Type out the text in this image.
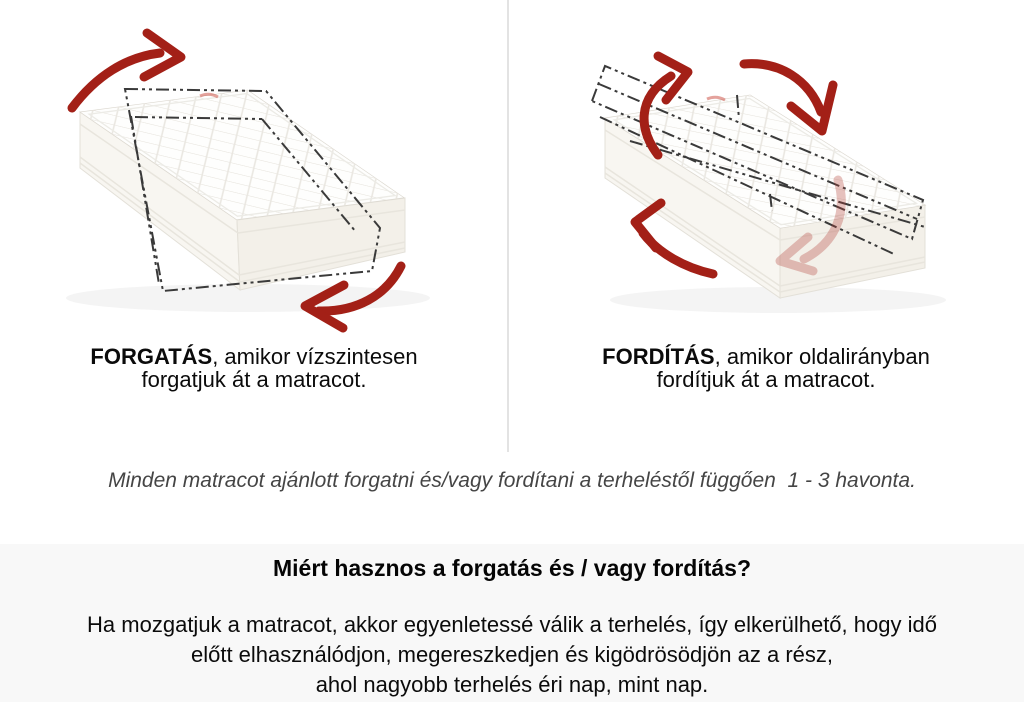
FORGATÁS, amikor vízszintesen
forgatjuk át a matracot.

FORDÍTÁS, amikor oldalirányban
fordítjuk át a matracot.

Minden matracot ajánlott forgatni és/vagy fordítani a terheléstől függően  1 - 3 havonta.

Miért hasznos a forgatás és / vagy fordítás?

Ha mozgatjuk a matracot, akkor egyenletessé válik a terhelés, így elkerülhető, hogy idő
előtt elhasználódjon, megereszkedjen és kigödrösödjön az a rész,
ahol nagyobb terhelés éri nap, mint nap.
